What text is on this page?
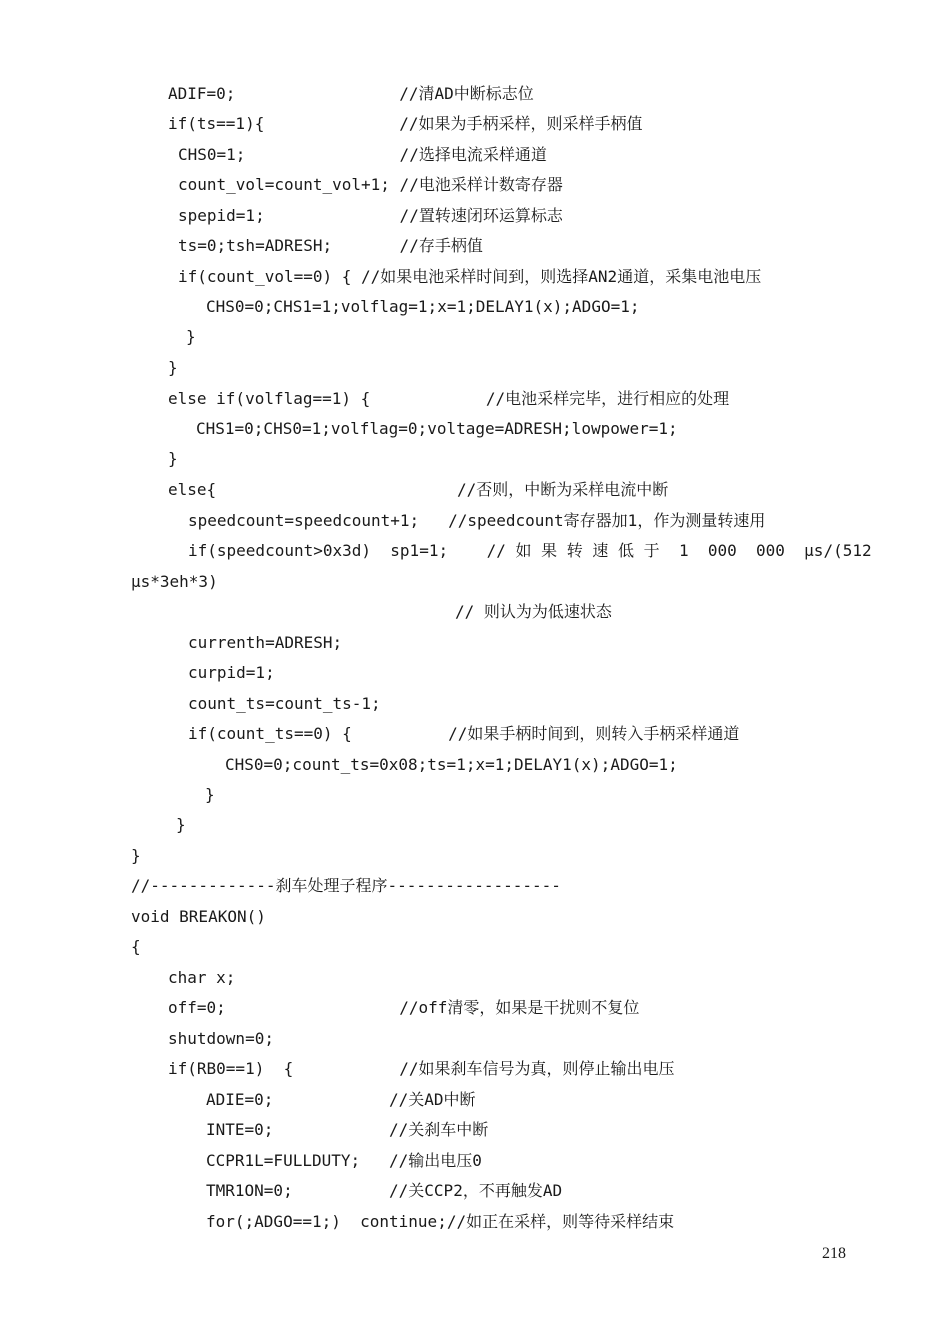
ADIF=0;                 //清AD中断标志位
if(ts==1){              //如果为手柄采样，则采样手柄值
CHS0=1;                //选择电流采样通道
count_vol=count_vol+1; //电池采样计数寄存器
spepid=1;              //置转速闭环运算标志
ts=0;tsh=ADRESH;       //存手柄值
if(count_vol==0) { //如果电池采样时间到，则选择AN2通道，采集电池电压
CHS0=0;CHS1=1;volflag=1;x=1;DELAY1(x);ADGO=1;
}
}
else if(volflag==1) {            //电池采样完毕，进行相应的处理
CHS1=0;CHS0=1;volflag=0;voltage=ADRESH;lowpower=1;
}
else{                         //否则，中断为采样电流中断
speedcount=speedcount+1;   //speedcount寄存器加1，作为测量转速用
if(speedcount>0x3d)  sp1=1;    // 如 果 转 速 低 于  1  000  000  μs/(512
μs*3eh*3)
// 则认为为低速状态
currenth=ADRESH;
curpid=1;
count_ts=count_ts-1;
if(count_ts==0) {          //如果手柄时间到，则转入手柄采样通道
CHS0=0;count_ts=0x08;ts=1;x=1;DELAY1(x);ADGO=1;
}
}
}
//-------------刹车处理子程序------------------
void BREAKON()
{
char x;
off=0;                  //off清零，如果是干扰则不复位
shutdown=0;
if(RB0==1)  {           //如果刹车信号为真，则停止输出电压
ADIE=0;            //关AD中断
INTE=0;            //关刹车中断
CCPR1L=FULLDUTY;   //输出电压0
TMR1ON=0;          //关CCP2，不再触发AD
for(;ADGO==1;)  continue;//如正在采样，则等待采样结束
218
